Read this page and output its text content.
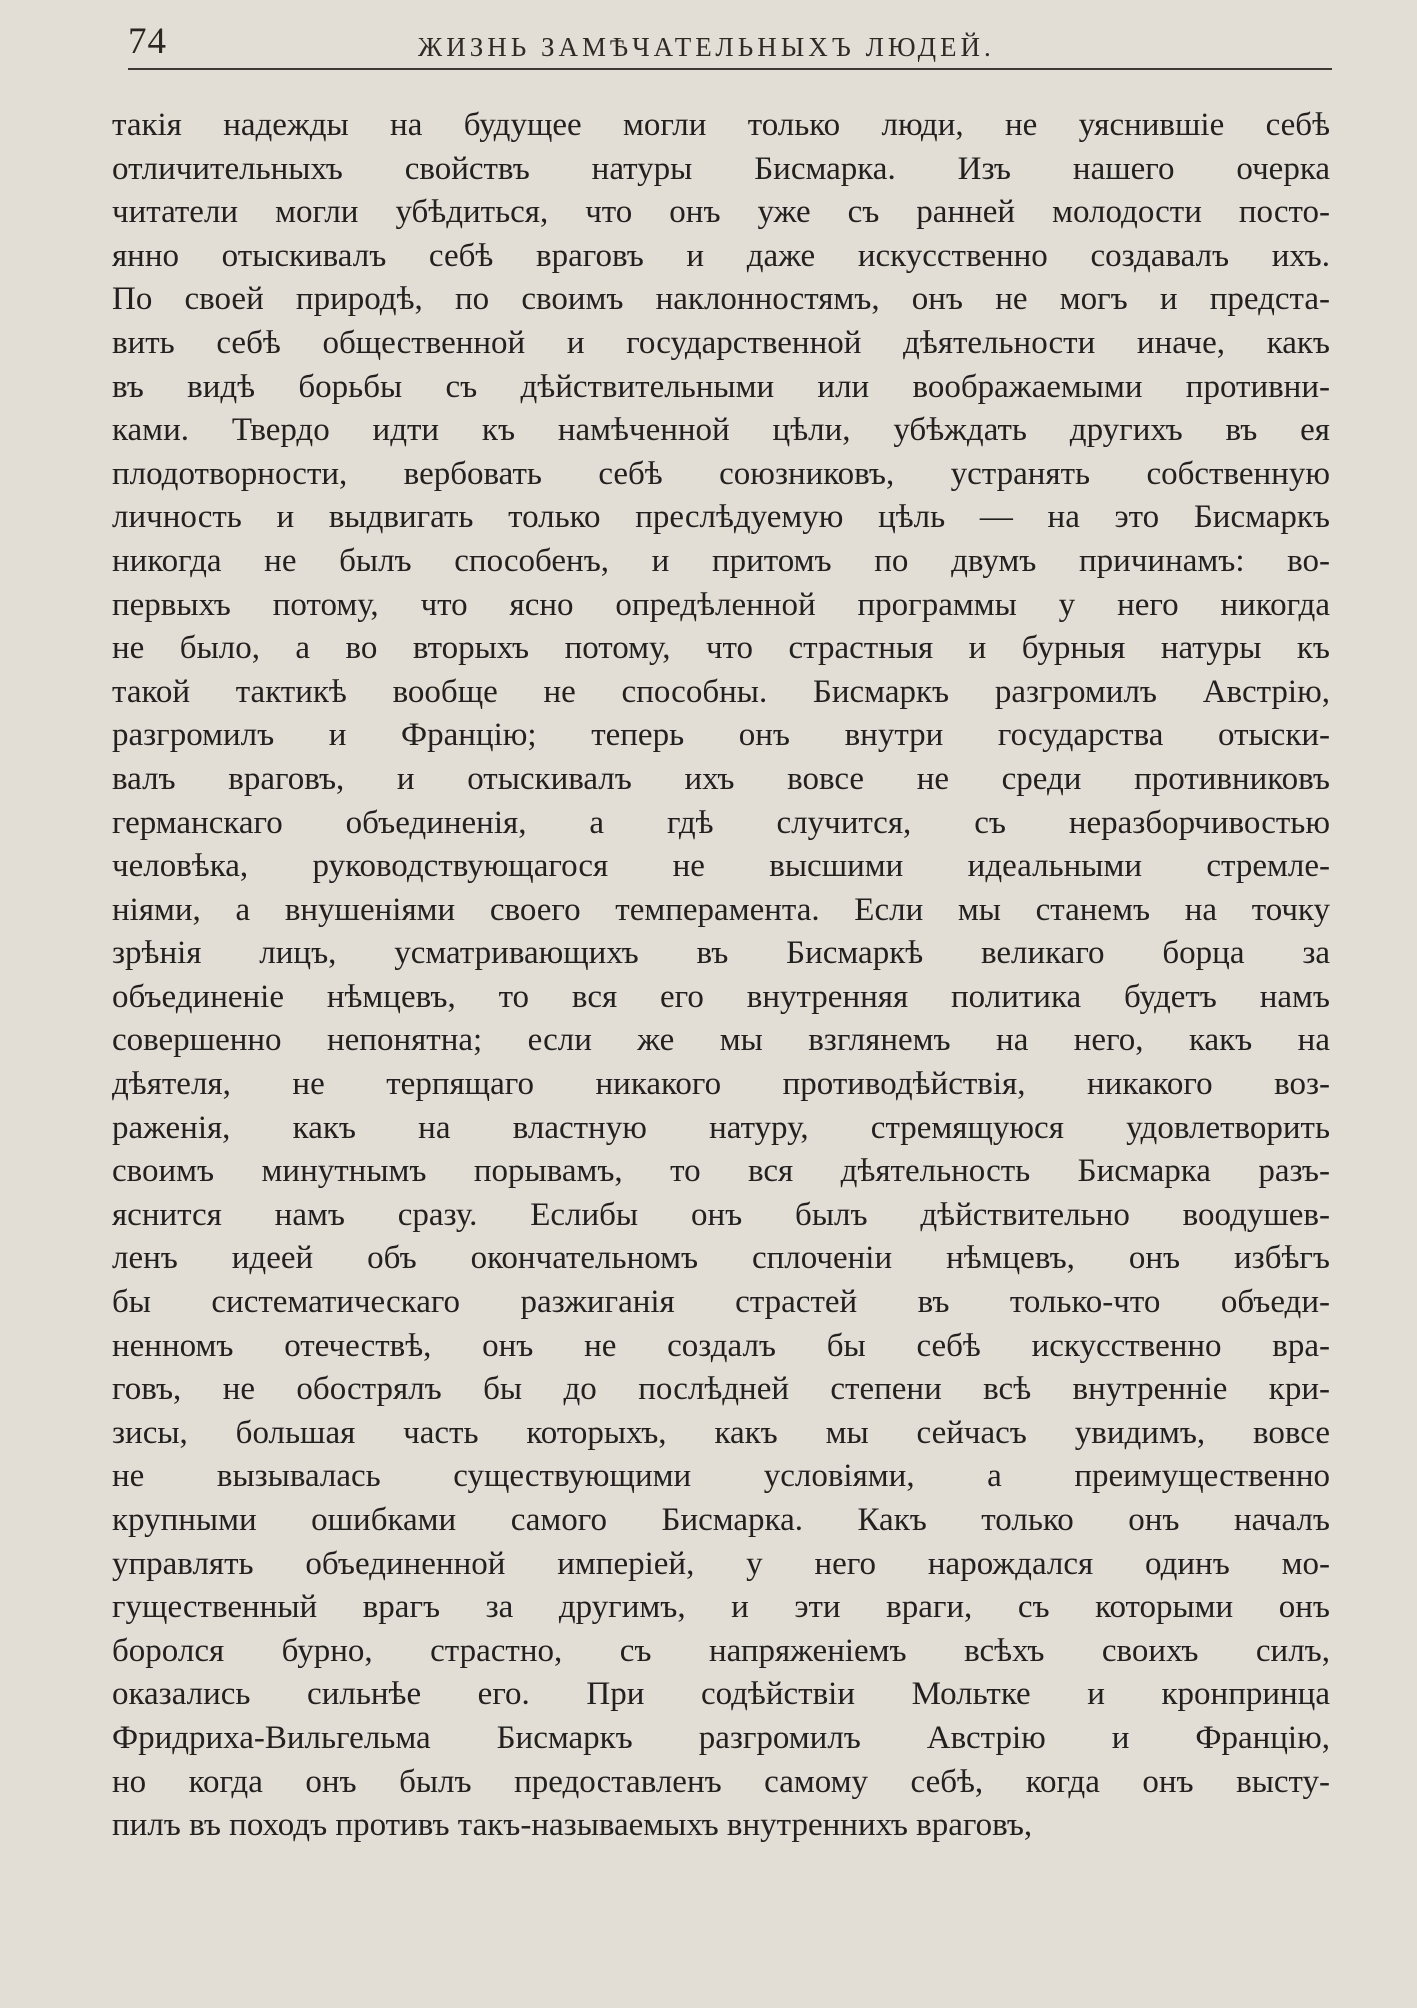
74	ЖИЗНЬ ЗАМѢЧАТЕЛЬНЫХЪ ЛЮДЕЙ.
такія надежды на будущее могли только люди, не уяснившіе себѣ
отличительныхъ свойствъ натуры Бисмарка. Изъ нашего очерка
читатели могли убѣдиться, что онъ уже съ ранней молодости посто-
янно отыскивалъ себѣ враговъ и даже искусственно создавалъ ихъ.
По своей природѣ, по своимъ наклонностямъ, онъ не могъ и предста-
вить себѣ общественной и государственной дѣятельности иначе, какъ
въ видѣ борьбы съ дѣйствительными или воображаемыми противни-
ками. Твердо идти къ намѣченной цѣли, убѣждать другихъ въ ея
плодотворности, вербовать себѣ союзниковъ, устранять собственную
личность и выдвигать только преслѣдуемую цѣль — на это Бисмаркъ
никогда не былъ способенъ, и притомъ по двумъ причинамъ: во-
первыхъ потому, что ясно опредѣленной программы у него никогда
не было, а во вторыхъ потому, что страстныя и бурныя натуры къ
такой тактикѣ вообще не способны. Бисмаркъ разгромилъ Австрію,
разгромилъ и Францію; теперь онъ внутри государства отыски-
валъ враговъ, и отыскивалъ ихъ вовсе не среди противниковъ
германскаго объединенія, а гдѣ случится, съ неразборчивостью
человѣка, руководствующагося не высшими идеальными стремле-
ніями, а внушеніями своего темперамента. Если мы станемъ на точку
зрѣнія лицъ, усматривающихъ въ Бисмаркѣ великаго борца за
объединеніе нѣмцевъ, то вся его внутренняя политика будетъ намъ
совершенно непонятна; если же мы взглянемъ на него, какъ на
дѣятеля, не терпящаго никакого противодѣйствія, никакого воз-
раженія, какъ на властную натуру, стремящуюся удовлетворить
своимъ минутнымъ порывамъ, то вся дѣятельность Бисмарка разъ-
яснится намъ сразу. Еслибы онъ былъ дѣйствительно воодушев-
ленъ идеей объ окончательномъ сплоченіи нѣмцевъ, онъ избѣгъ
бы систематическаго разжиганія страстей въ только-что объеди-
ненномъ отечествѣ, онъ не создалъ бы себѣ искусственно вра-
говъ, не обострялъ бы до послѣдней степени всѣ внутренніе кри-
зисы, большая часть которыхъ, какъ мы сейчасъ увидимъ, вовсе
не вызывалась существующими условіями, а преимущественно
крупными ошибками самого Бисмарка. Какъ только онъ началъ
управлять объединенной имперіей, у него нарождался одинъ мо-
гущественный врагъ за другимъ, и эти враги, съ которыми онъ
боролся бурно, страстно, съ напряженіемъ всѣхъ своихъ силъ,
оказались сильнѣе его. При содѣйствіи Мольтке и кронпринца
Фридриха-Вильгельма Бисмаркъ разгромилъ Австрію и Францію,
но когда онъ былъ предоставленъ самому себѣ, когда онъ высту-
пилъ въ походъ противъ такъ-называемыхъ внутреннихъ враговъ,
